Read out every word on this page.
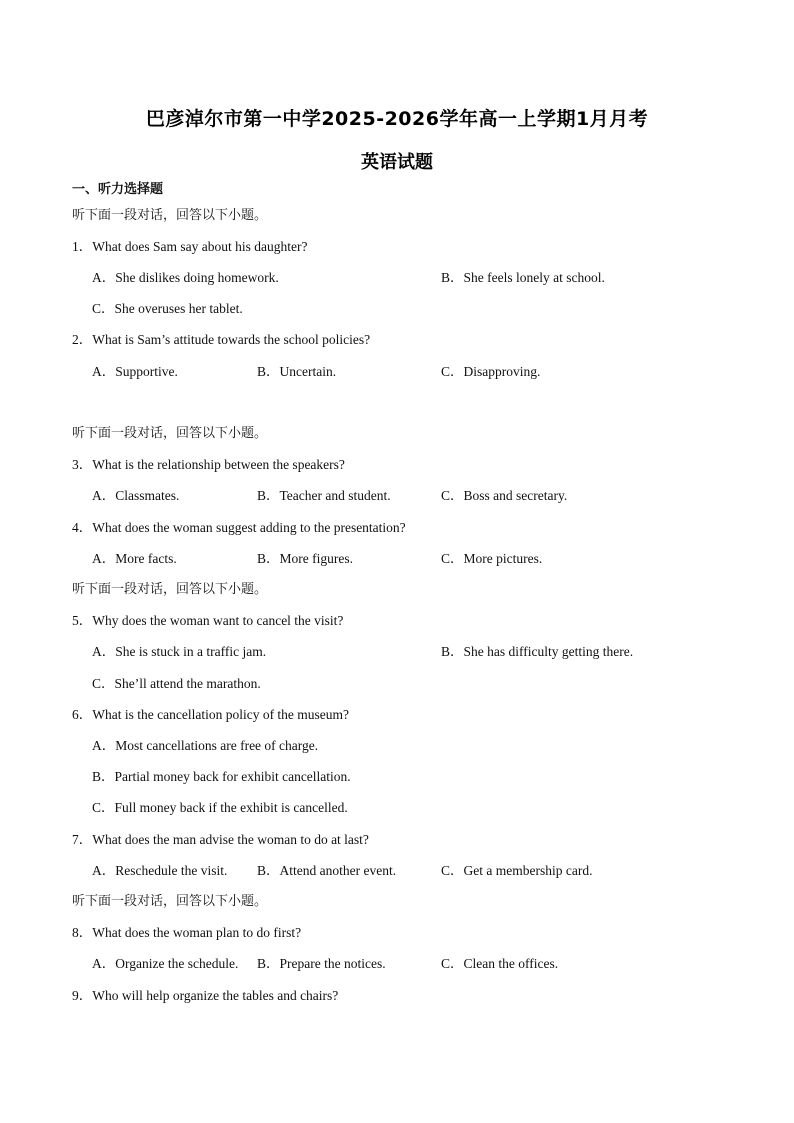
巴彦淖尔市第一中学2025-2026学年高一上学期1月月考
英语试题
一、听力选择题
听下面一段对话，回答以下小题。
1．What does Sam say about his daughter?
A．She dislikes doing homework.	B．She feels lonely at school.
C．She overuses her tablet.
2．What is Sam’s attitude towards the school policies?
A．Supportive.	B．Uncertain.	C．Disapproving.
听下面一段对话，回答以下小题。
3．What is the relationship between the speakers?
A．Classmates.	B．Teacher and student.	C．Boss and secretary.
4．What does the woman suggest adding to the presentation?
A．More facts.	B．More figures.	C．More pictures.
听下面一段对话，回答以下小题。
5．Why does the woman want to cancel the visit?
A．She is stuck in a traffic jam.	B．She has difficulty getting there.
C．She’ll attend the marathon.
6．What is the cancellation policy of the museum?
A．Most cancellations are free of charge.
B．Partial money back for exhibit cancellation.
C．Full money back if the exhibit is cancelled.
7．What does the man advise the woman to do at last?
A．Reschedule the visit. B．Attend another event.	C．Get a membership card.
听下面一段对话，回答以下小题。
8．What does the woman plan to do first?
A．Organize the schedule. B．Prepare the notices.	C．Clean the offices.
9．Who will help organize the tables and chairs?
